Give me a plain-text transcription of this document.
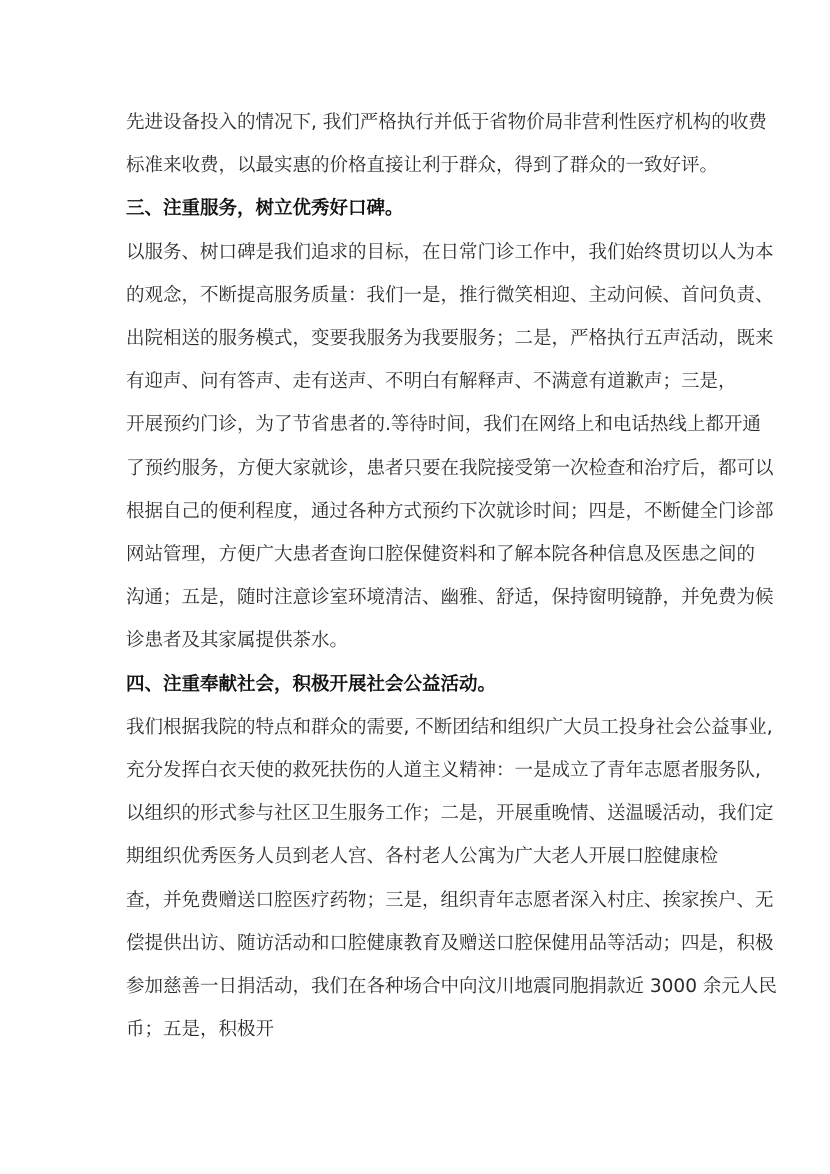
先进设备投入的情况下, 我们严格执行并低于省物价局非营利性医疗机构的收费
标准来收费，以最实惠的价格直接让利于群众，得到了群众的一致好评。
三、注重服务，树立优秀好口碑。
以服务、树口碑是我们追求的目标，在日常门诊工作中，我们始终贯切以人为本
的观念，不断提高服务质量：我们一是，推行微笑相迎、主动问候、首问负责、
出院相送的服务模式，变要我服务为我要服务；二是，严格执行五声活动，既来
有迎声、问有答声、走有送声、不明白有解释声、不满意有道歉声；三是，
开展预约门诊，为了节省患者的.等待时间，我们在网络上和电话热线上都开通
了预约服务，方便大家就诊，患者只要在我院接受第一次检查和治疗后，都可以
根据自己的便利程度，通过各种方式预约下次就诊时间；四是，不断健全门诊部
网站管理，方便广大患者查询口腔保健资料和了解本院各种信息及医患之间的
沟通；五是，随时注意诊室环境清洁、幽雅、舒适，保持窗明镜静，并免费为候
诊患者及其家属提供茶水。
四、注重奉献社会，积极开展社会公益活动。
我们根据我院的特点和群众的需要, 不断团结和组织广大员工投身社会公益事业,
充分发挥白衣天使的救死扶伤的人道主义精神：一是成立了青年志愿者服务队,
以组织的形式参与社区卫生服务工作；二是，开展重晚情、送温暖活动，我们定
期组织优秀医务人员到老人宫、各村老人公寓为广大老人开展口腔健康检
查，并免费赠送口腔医疗药物；三是，组织青年志愿者深入村庄、挨家挨户、无
偿提供出访、随访活动和口腔健康教育及赠送口腔保健用品等活动；四是，积极
参加慈善一日捐活动，我们在各种场合中向汶川地震同胞捐款近 3000 余元人民
币；五是，积极开
